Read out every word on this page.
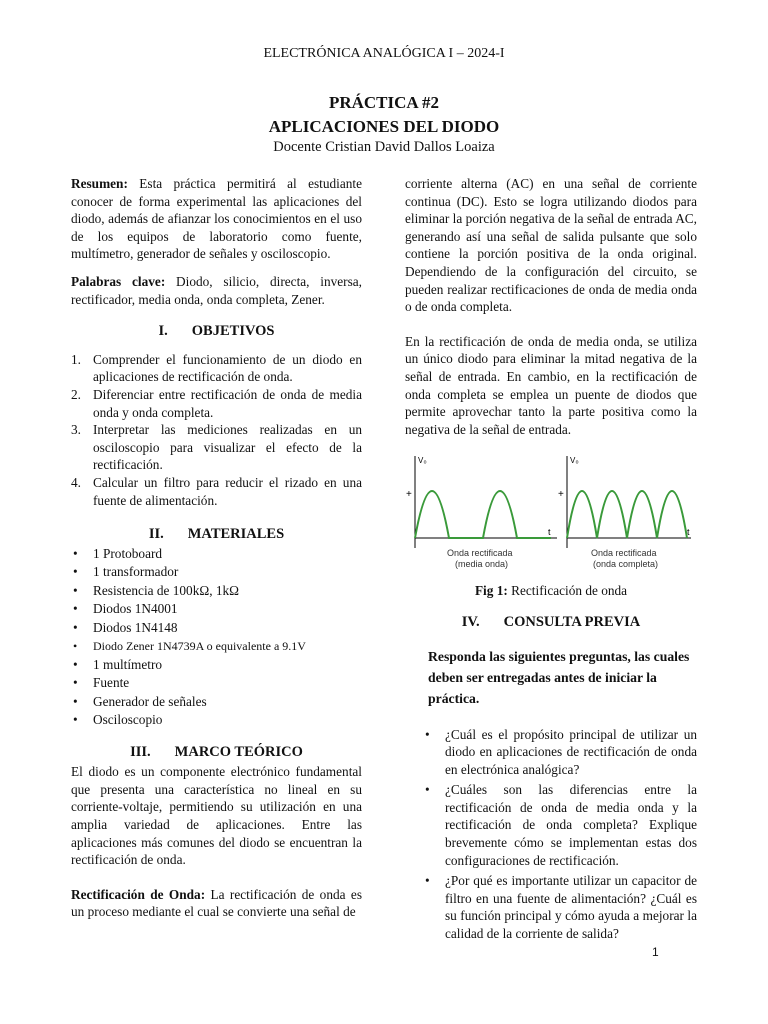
ELECTRÓNICA ANALÓGICA I – 2024-I
PRÁCTICA #2
APLICACIONES DEL DIODO
Docente Cristian David Dallos Loaiza

Resumen: Esta práctica permitirá al estudiante conocer de forma experimental las aplicaciones del diodo, además de afianzar los conocimientos en el uso de los equipos de laboratorio como fuente, multímetro, generador de señales y osciloscopio.

Palabras clave: Diodo, silicio, directa, inversa, rectificador, media onda, onda completa, Zener.

I. OBJETIVOS
1. Comprender el funcionamiento de un diodo en aplicaciones de rectificación de onda.
2. Diferenciar entre rectificación de onda de media onda y onda completa.
3. Interpretar las mediciones realizadas en un osciloscopio para visualizar el efecto de la rectificación.
4. Calcular un filtro para reducir el rizado en una fuente de alimentación.
II. MATERIALES
• 1 Protoboard
• 1 transformador
• Resistencia de 100kΩ, 1kΩ
• Diodos 1N4001
• Diodos 1N4148
• Diodo Zener 1N4739A o equivalente a 9.1V
• 1 multímetro
• Fuente
• Generador de señales
• Osciloscopio
III. MARCO TEÓRICO

El diodo es un componente electrónico fundamental que presenta una característica no lineal en su corriente-voltaje, permitiendo su utilización en una amplia variedad de aplicaciones. Entre las aplicaciones más comunes del diodo se encuentran la rectificación de onda.

Rectificación de Onda: La rectificación de onda es un proceso mediante el cual se convierte una señal de

corriente alterna (AC) en una señal de corriente continua (DC). Esto se logra utilizando diodos para eliminar la porción negativa de la señal de entrada AC, generando así una señal de salida pulsante que solo contiene la porción positiva de la onda original. Dependiendo de la configuración del circuito, se pueden realizar rectificaciones de onda de media onda o de onda completa.

En la rectificación de onda de media onda, se utiliza un único diodo para eliminar la mitad negativa de la señal de entrada. En cambio, en la rectificación de onda completa se emplea un puente de diodos que permite aprovechar tanto la parte positiva como la negativa de la señal de entrada.

V₀
+
t
Onda rectificada
(media onda)
V₀
+
t
Onda rectificada
(onda completa)
Fig 1: Rectificación de onda
IV. CONSULTA PREVIA

Responda las siguientes preguntas, las cuales deben ser entregadas antes de iniciar la práctica.

• ¿Cuál es el propósito principal de utilizar un diodo en aplicaciones de rectificación de onda en electrónica analógica?
• ¿Cuáles son las diferencias entre la rectificación de onda de media onda y la rectificación de onda completa? Explique brevemente cómo se implementan estas dos configuraciones de rectificación.
• ¿Por qué es importante utilizar un capacitor de filtro en una fuente de alimentación? ¿Cuál es su función principal y cómo ayuda a mejorar la calidad de la corriente de salida?
1
